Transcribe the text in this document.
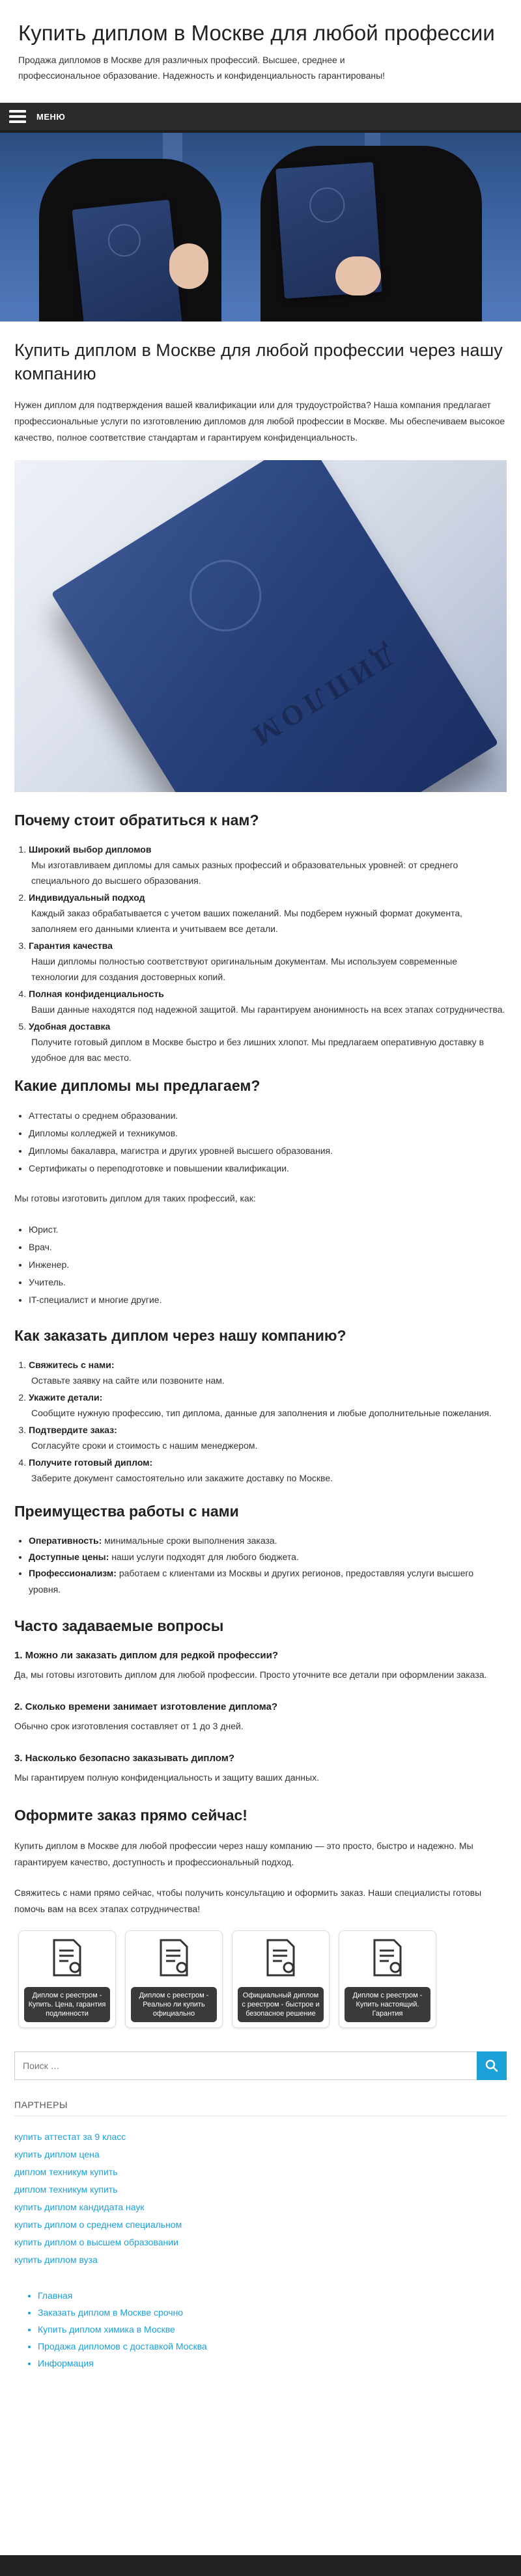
Купить диплом в Москве для любой профессии

Продажа дипломов в Москве для различных профессий. Высшее, среднее и профессиональное образование. Надежность и конфиденциальность гарантированы!

МЕНЮ
Купить диплом в Москве для любой профессии через нашу компанию

Нужен диплом для подтверждения вашей квалификации или для трудоустройства? Наша компания предлагает профессиональные услуги по изготовлению дипломов для любой профессии в Москве. Мы обеспечиваем высокое качество, полное соответствие стандартам и гарантируем конфиденциальность.

ДИПЛОМ
Почему стоит обратиться к нам?
1. Широкий выбор дипломов
Мы изготавливаем дипломы для самых разных профессий и образовательных уровней: от среднего специального до высшего образования.
2. Индивидуальный подход
Каждый заказ обрабатывается с учетом ваших пожеланий. Мы подберем нужный формат документа, заполняем его данными клиента и учитываем все детали.
3. Гарантия качества
Наши дипломы полностью соответствуют оригинальным документам. Мы используем современные технологии для создания достоверных копий.
4. Полная конфиденциальность
Ваши данные находятся под надежной защитой. Мы гарантируем анонимность на всех этапах сотрудничества.
5. Удобная доставка
Получите готовый диплом в Москве быстро и без лишних хлопот. Мы предлагаем оперативную доставку в удобное для вас место.
Какие дипломы мы предлагаем?
• Аттестаты о среднем образовании.
• Дипломы колледжей и техникумов.
• Дипломы бакалавра, магистра и других уровней высшего образования.
• Сертификаты о переподготовке и повышении квалификации.

Мы готовы изготовить диплом для таких профессий, как:

• Юрист.
• Врач.
• Инженер.
• Учитель.
• IT-специалист и многие другие.
Как заказать диплом через нашу компанию?
1. Свяжитесь с нами:
Оставьте заявку на сайте или позвоните нам.
2. Укажите детали:
Сообщите нужную профессию, тип диплома, данные для заполнения и любые дополнительные пожелания.
3. Подтвердите заказ:
Согласуйте сроки и стоимость с нашим менеджером.
4. Получите готовый диплом:
Заберите документ самостоятельно или закажите доставку по Москве.
Преимущества работы с нами
• Оперативность: минимальные сроки выполнения заказа.
• Доступные цены: наши услуги подходят для любого бюджета.
• Профессионализм: работаем с клиентами из Москвы и других регионов, предоставляя услуги высшего уровня.
Часто задаваемые вопросы
1. Можно ли заказать диплом для редкой профессии?
Да, мы готовы изготовить диплом для любой профессии. Просто уточните все детали при оформлении заказа.
2. Сколько времени занимает изготовление диплома?
Обычно срок изготовления составляет от 1 до 3 дней.
3. Насколько безопасно заказывать диплом?
Мы гарантируем полную конфиденциальность и защиту ваших данных.
Оформите заказ прямо сейчас!

Купить диплом в Москве для любой профессии через нашу компанию — это просто, быстро и надежно. Мы гарантируем качество, доступность и профессиональный подход.

Свяжитесь с нами прямо сейчас, чтобы получить консультацию и оформить заказ. Наши специалисты готовы помочь вам на всех этапах сотрудничества!

Диплом с реестром - Купить. Цена, гарантия подлинности
Диплом с реестром - Реально ли купить официально
Официальный диплом с реестром - быстрое и безопасное решение
Диплом с реестром - Купить настоящий. Гарантия
Поиск …
ПАРТНЕРЫ
купить аттестат за 9 класс
купить диплом цена
диплом техникум купить
диплом техникум купить
купить диплом кандидата наук
купить диплом о среднем специальном
купить диплом о высшем образовании
купить диплом вуза
• Главная
• Заказать диплом в Москве срочно
• Купить диплом химика в Москве
• Продажа дипломов с доставкой Москва
• Информация
